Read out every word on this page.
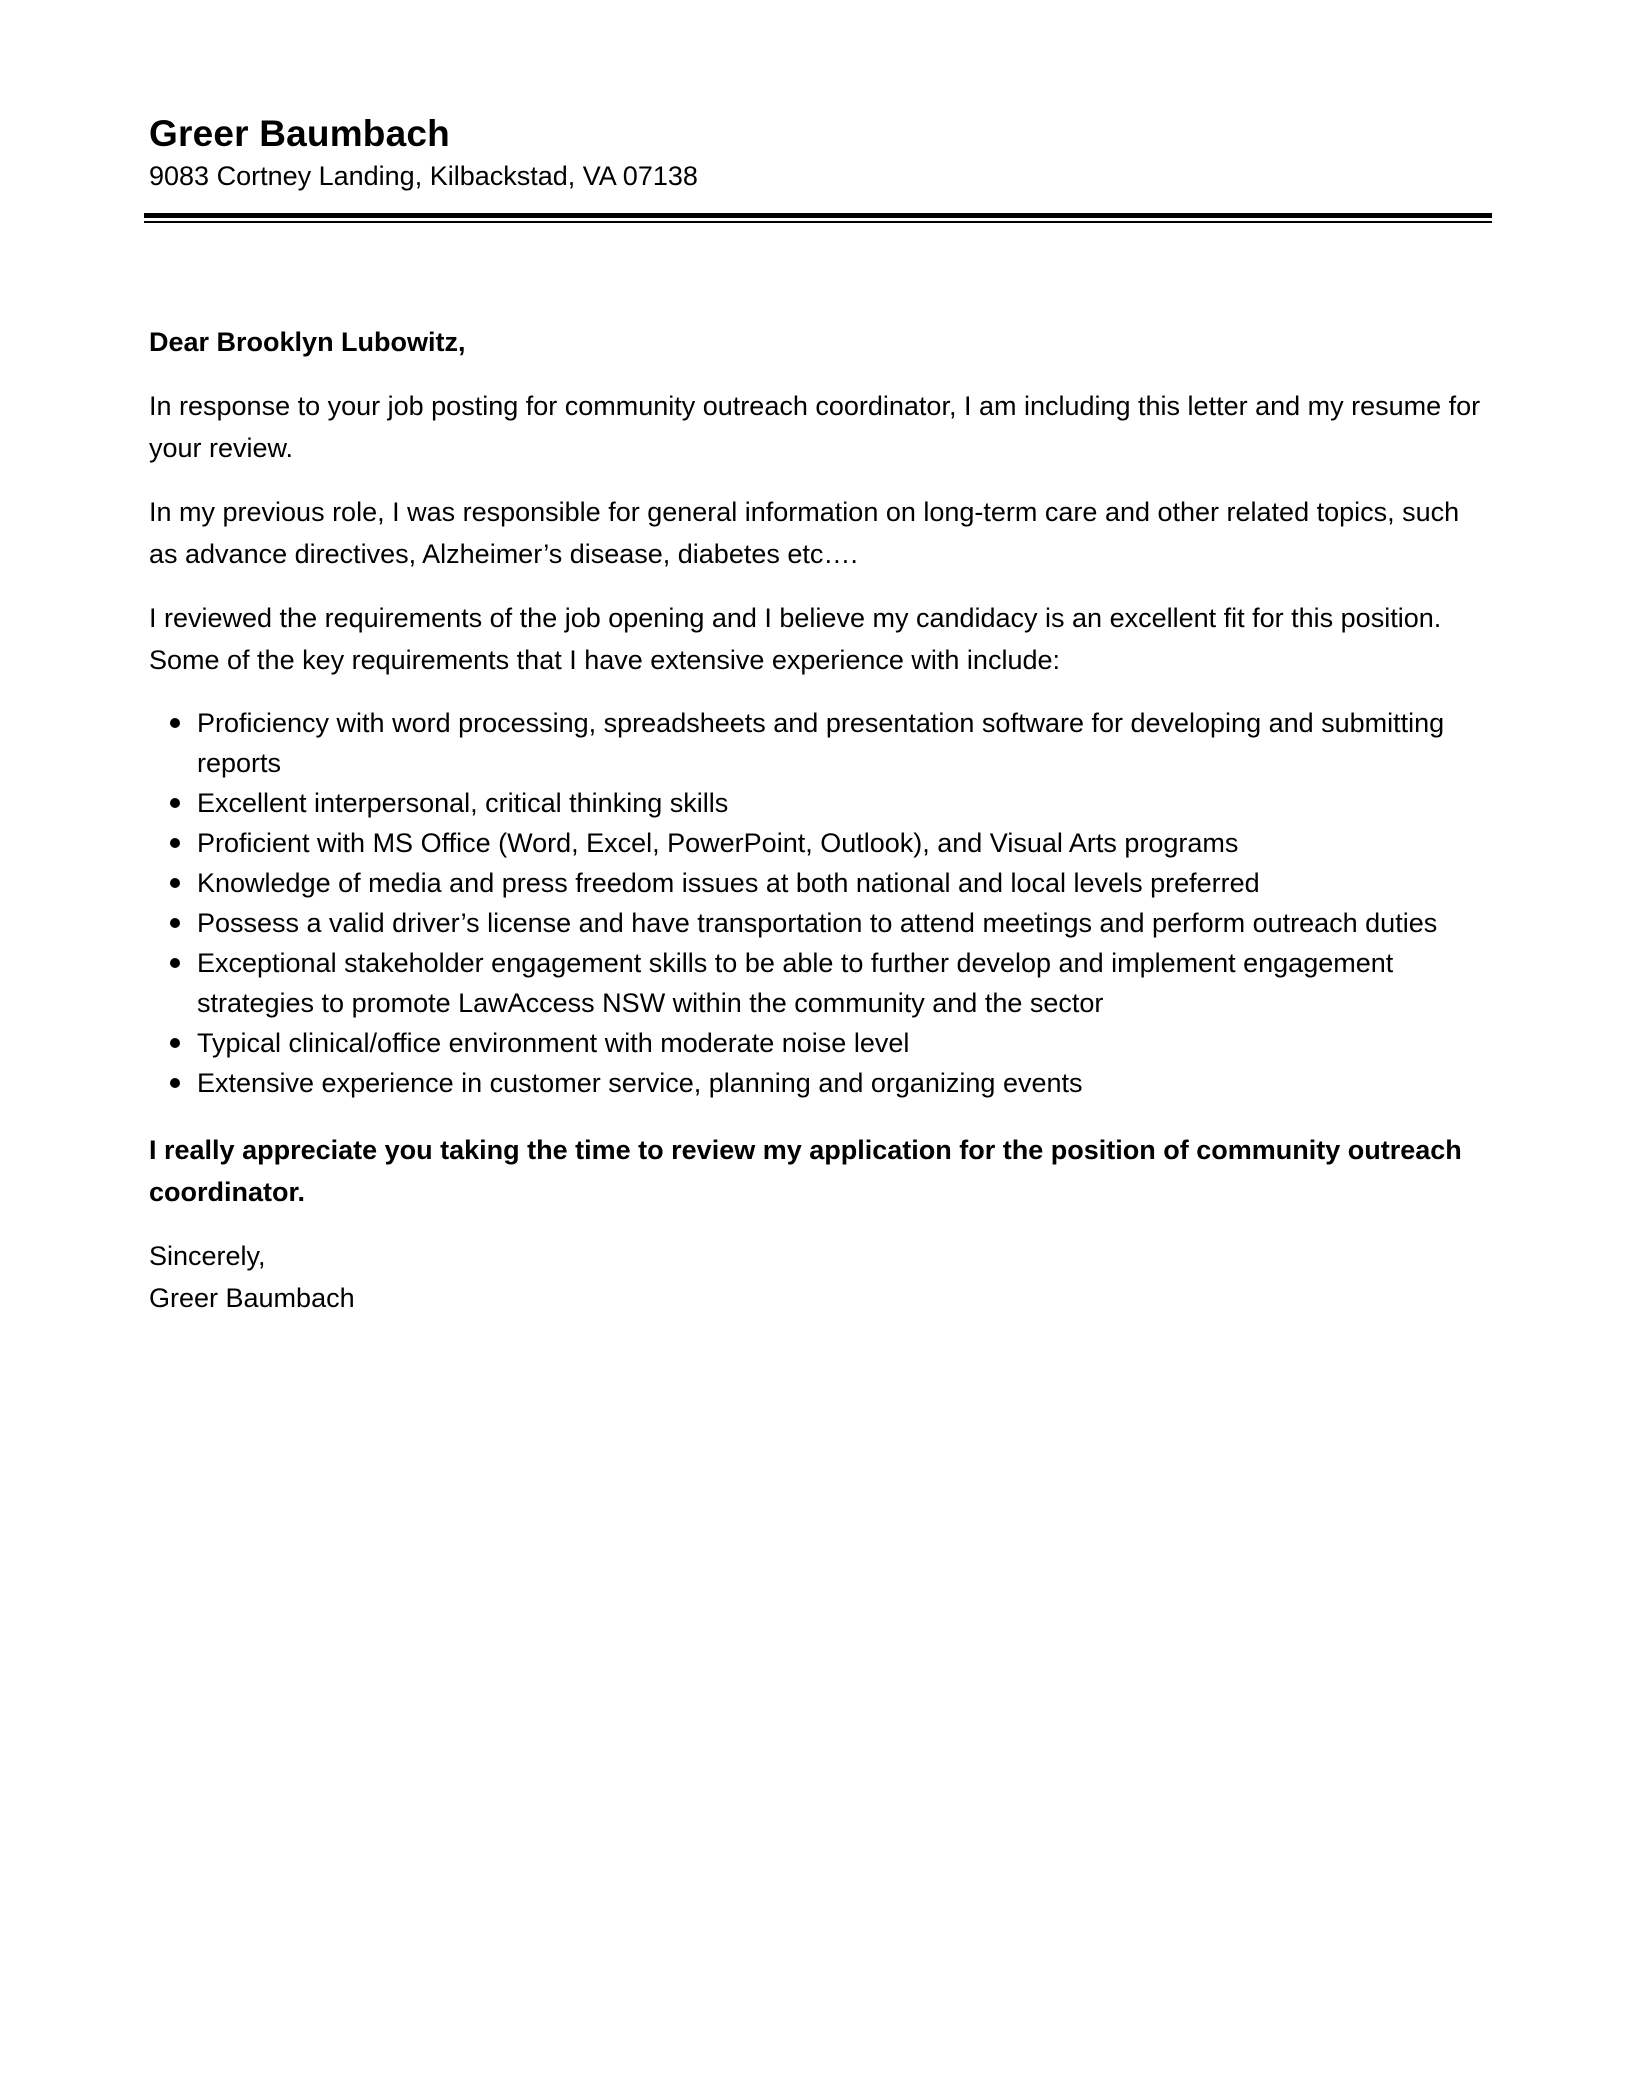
Greer Baumbach

9083 Cortney Landing, Kilbackstad, VA 07138

Dear Brooklyn Lubowitz,

In response to your job posting for community outreach coordinator, I am including this letter and my resume for your review.

In my previous role, I was responsible for general information on long-term care and other related topics, such as advance directives, Alzheimer’s disease, diabetes etc….

I reviewed the requirements of the job opening and I believe my candidacy is an excellent fit for this position. Some of the key requirements that I have extensive experience with include:

Proficiency with word processing, spreadsheets and presentation software for developing and submitting reports
Excellent interpersonal, critical thinking skills
Proficient with MS Office (Word, Excel, PowerPoint, Outlook), and Visual Arts programs
Knowledge of media and press freedom issues at both national and local levels preferred
Possess a valid driver’s license and have transportation to attend meetings and perform outreach duties
Exceptional stakeholder engagement skills to be able to further develop and implement engagement strategies to promote LawAccess NSW within the community and the sector
Typical clinical/office environment with moderate noise level
Extensive experience in customer service, planning and organizing events

I really appreciate you taking the time to review my application for the position of community outreach coordinator.

Sincerely,

Greer Baumbach
